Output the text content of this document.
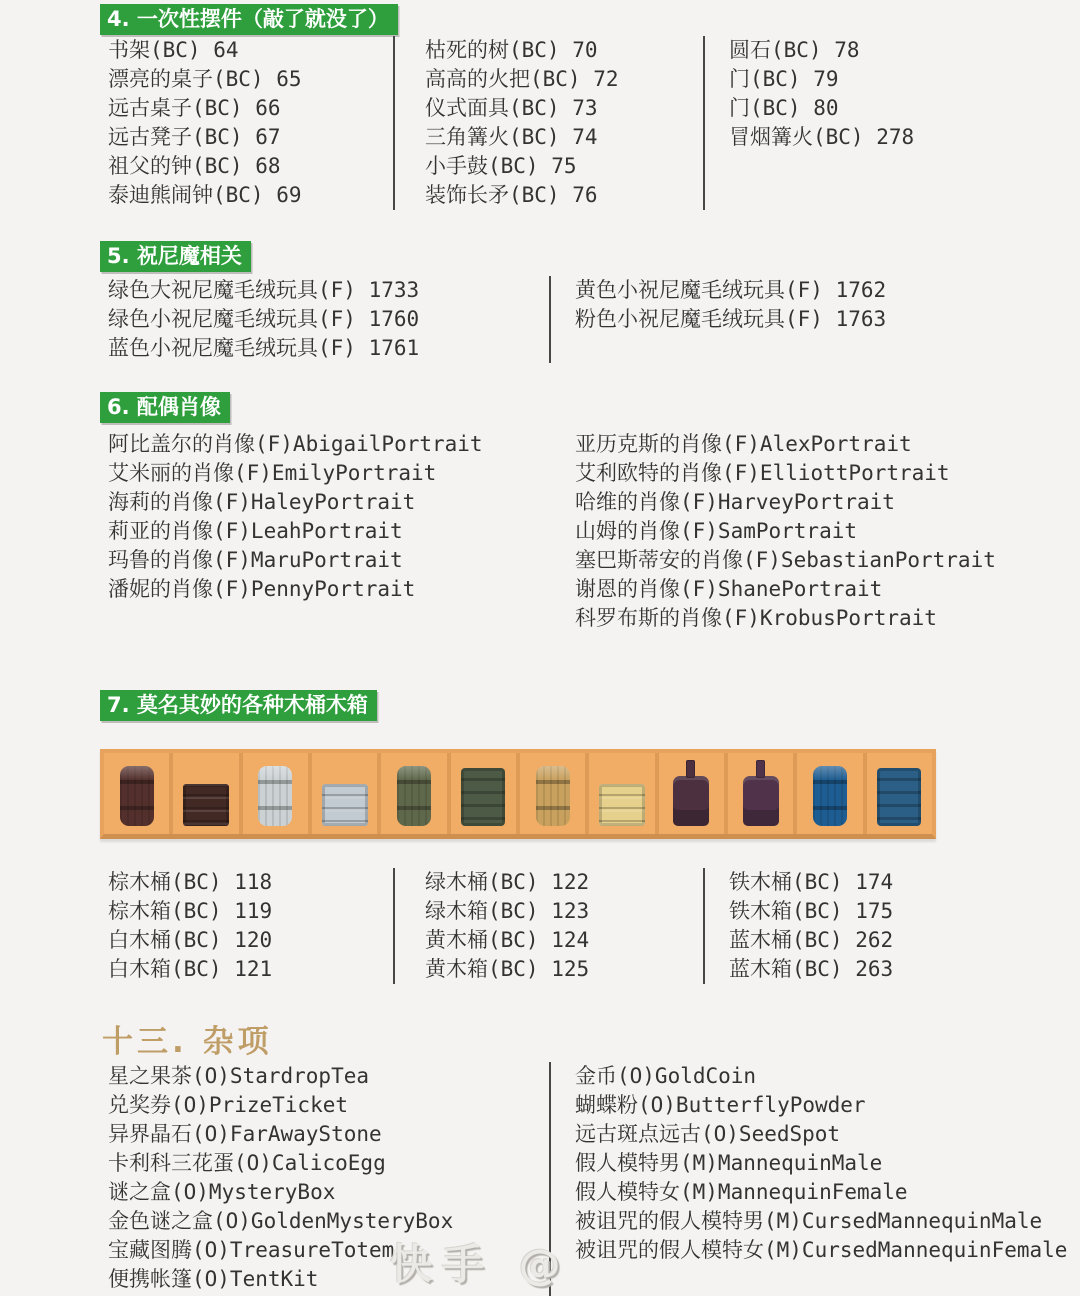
4. 一次性摆件（敲了就没了）
书架(BC) 64
漂亮的桌子(BC) 65
远古桌子(BC) 66
远古凳子(BC) 67
祖父的钟(BC) 68
泰迪熊闹钟(BC) 69
枯死的树(BC) 70
高高的火把(BC) 72
仪式面具(BC) 73
三角篝火(BC) 74
小手鼓(BC) 75
装饰长矛(BC) 76
圆石(BC) 78
门(BC) 79
门(BC) 80
冒烟篝火(BC) 278
5. 祝尼魔相关
绿色大祝尼魔毛绒玩具(F) 1733
绿色小祝尼魔毛绒玩具(F) 1760
蓝色小祝尼魔毛绒玩具(F) 1761
黄色小祝尼魔毛绒玩具(F) 1762
粉色小祝尼魔毛绒玩具(F) 1763
6. 配偶肖像
阿比盖尔的肖像(F)AbigailPortrait
艾米丽的肖像(F)EmilyPortrait
海莉的肖像(F)HaleyPortrait
莉亚的肖像(F)LeahPortrait
玛鲁的肖像(F)MaruPortrait
潘妮的肖像(F)PennyPortrait
亚历克斯的肖像(F)AlexPortrait
艾利欧特的肖像(F)ElliottPortrait
哈维的肖像(F)HarveyPortrait
山姆的肖像(F)SamPortrait
塞巴斯蒂安的肖像(F)SebastianPortrait
谢恩的肖像(F)ShanePortrait
科罗布斯的肖像(F)KrobusPortrait
7. 莫名其妙的各种木桶木箱
棕木桶(BC) 118
棕木箱(BC) 119
白木桶(BC) 120
白木箱(BC) 121
绿木桶(BC) 122
绿木箱(BC) 123
黄木桶(BC) 124
黄木箱(BC) 125
铁木桶(BC) 174
铁木箱(BC) 175
蓝木桶(BC) 262
蓝木箱(BC) 263
十三. 杂项
星之果茶(O)StardropTea
兑奖券(O)PrizeTicket
异界晶石(O)FarAwayStone
卡利科三花蛋(O)CalicoEgg
谜之盒(O)MysteryBox
金色谜之盒(O)GoldenMysteryBox
宝藏图腾(O)TreasureTotem
便携帐篷(O)TentKit
金币(O)GoldCoin
蝴蝶粉(O)ButterflyPowder
远古斑点远古(O)SeedSpot
假人模特男(M)MannequinMale
假人模特女(M)MannequinFemale
被诅咒的假人模特男(M)CursedMannequinMale
被诅咒的假人模特女(M)CursedMannequinFemale
快手 @
